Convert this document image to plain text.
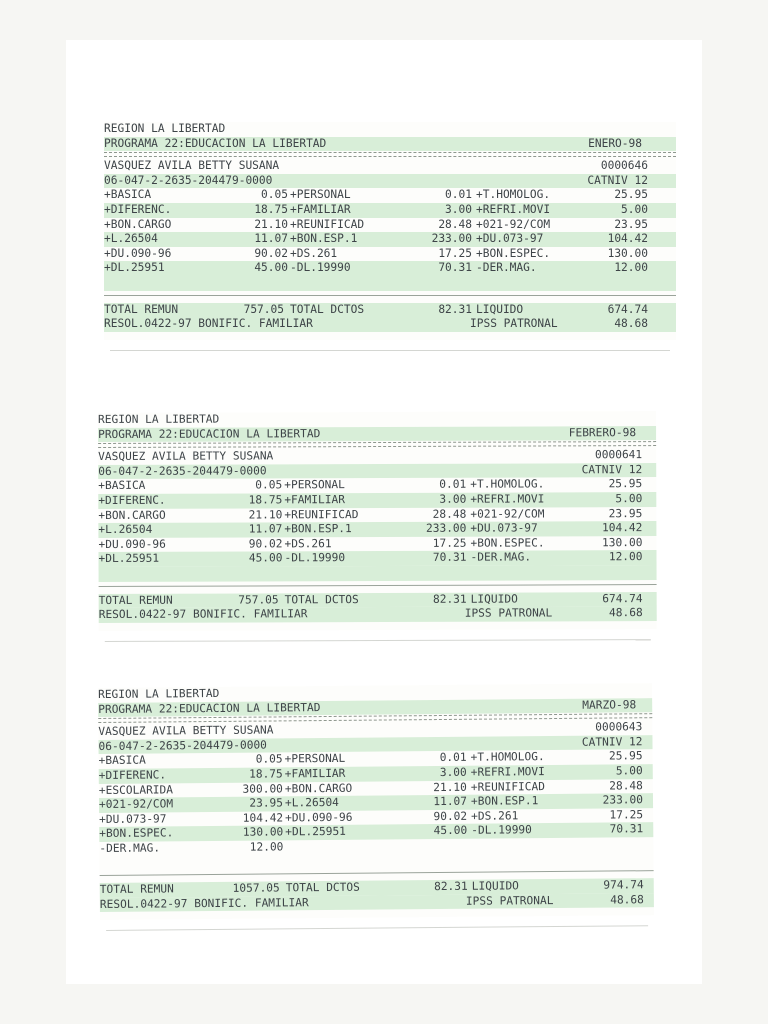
REGION LA LIBERTAD
PROGRAMA 22:EDUCACION LA LIBERTAD	ENERO-98
VASQUEZ AVILA BETTY SUSANA	0000646
06-047-2-2635-204479-0000	CATNIV 12
+BASICA	0.05 +PERSONAL	0.01 +T.HOMOLOG.	25.95
+DIFERENC.	18.75 +FAMILIAR	3.00 +REFRI.MOVI	5.00
+BON.CARGO	21.10 +REUNIFICAD	28.48 +021-92/COM	23.95
+L.26504	11.07 +BON.ESP.1	233.00 +DU.073-97	104.42
+DU.090-96	90.02 +DS.261	17.25 +BON.ESPEC.	130.00
+DL.25951	45.00 -DL.19990	70.31 -DER.MAG.	12.00
TOTAL REMUN	757.05 TOTAL DCTOS	82.31 LIQUIDO	674.74
RESOL.0422-97 BONIFIC. FAMILIAR	IPSS PATRONAL	48.68
REGION LA LIBERTAD
PROGRAMA 22:EDUCACION LA LIBERTAD	FEBRERO-98
VASQUEZ AVILA BETTY SUSANA	0000641
06-047-2-2635-204479-0000	CATNIV 12
+BASICA	0.05 +PERSONAL	0.01 +T.HOMOLOG.	25.95
+DIFERENC.	18.75 +FAMILIAR	3.00 +REFRI.MOVI	5.00
+BON.CARGO	21.10 +REUNIFICAD	28.48 +021-92/COM	23.95
+L.26504	11.07 +BON.ESP.1	233.00 +DU.073-97	104.42
+DU.090-96	90.02 +DS.261	17.25 +BON.ESPEC.	130.00
+DL.25951	45.00 -DL.19990	70.31 -DER.MAG.	12.00
TOTAL REMUN	757.05 TOTAL DCTOS	82.31 LIQUIDO	674.74
RESOL.0422-97 BONIFIC. FAMILIAR	IPSS PATRONAL	48.68
REGION LA LIBERTAD
PROGRAMA 22:EDUCACION LA LIBERTAD	MARZO-98
VASQUEZ AVILA BETTY SUSANA	0000643
06-047-2-2635-204479-0000	CATNIV 12
+BASICA	0.05 +PERSONAL	0.01 +T.HOMOLOG.	25.95
+DIFERENC.	18.75 +FAMILIAR	3.00 +REFRI.MOVI	5.00
+ESCOLARIDA	300.00 +BON.CARGO	21.10 +REUNIFICAD	28.48
+021-92/COM	23.95 +L.26504	11.07 +BON.ESP.1	233.00
+DU.073-97	104.42 +DU.090-96	90.02 +DS.261	17.25
+BON.ESPEC.	130.00 +DL.25951	45.00 -DL.19990	70.31
-DER.MAG.	12.00
TOTAL REMUN	1057.05 TOTAL DCTOS	82.31 LIQUIDO	974.74
RESOL.0422-97 BONIFIC. FAMILIAR	IPSS PATRONAL	48.68
